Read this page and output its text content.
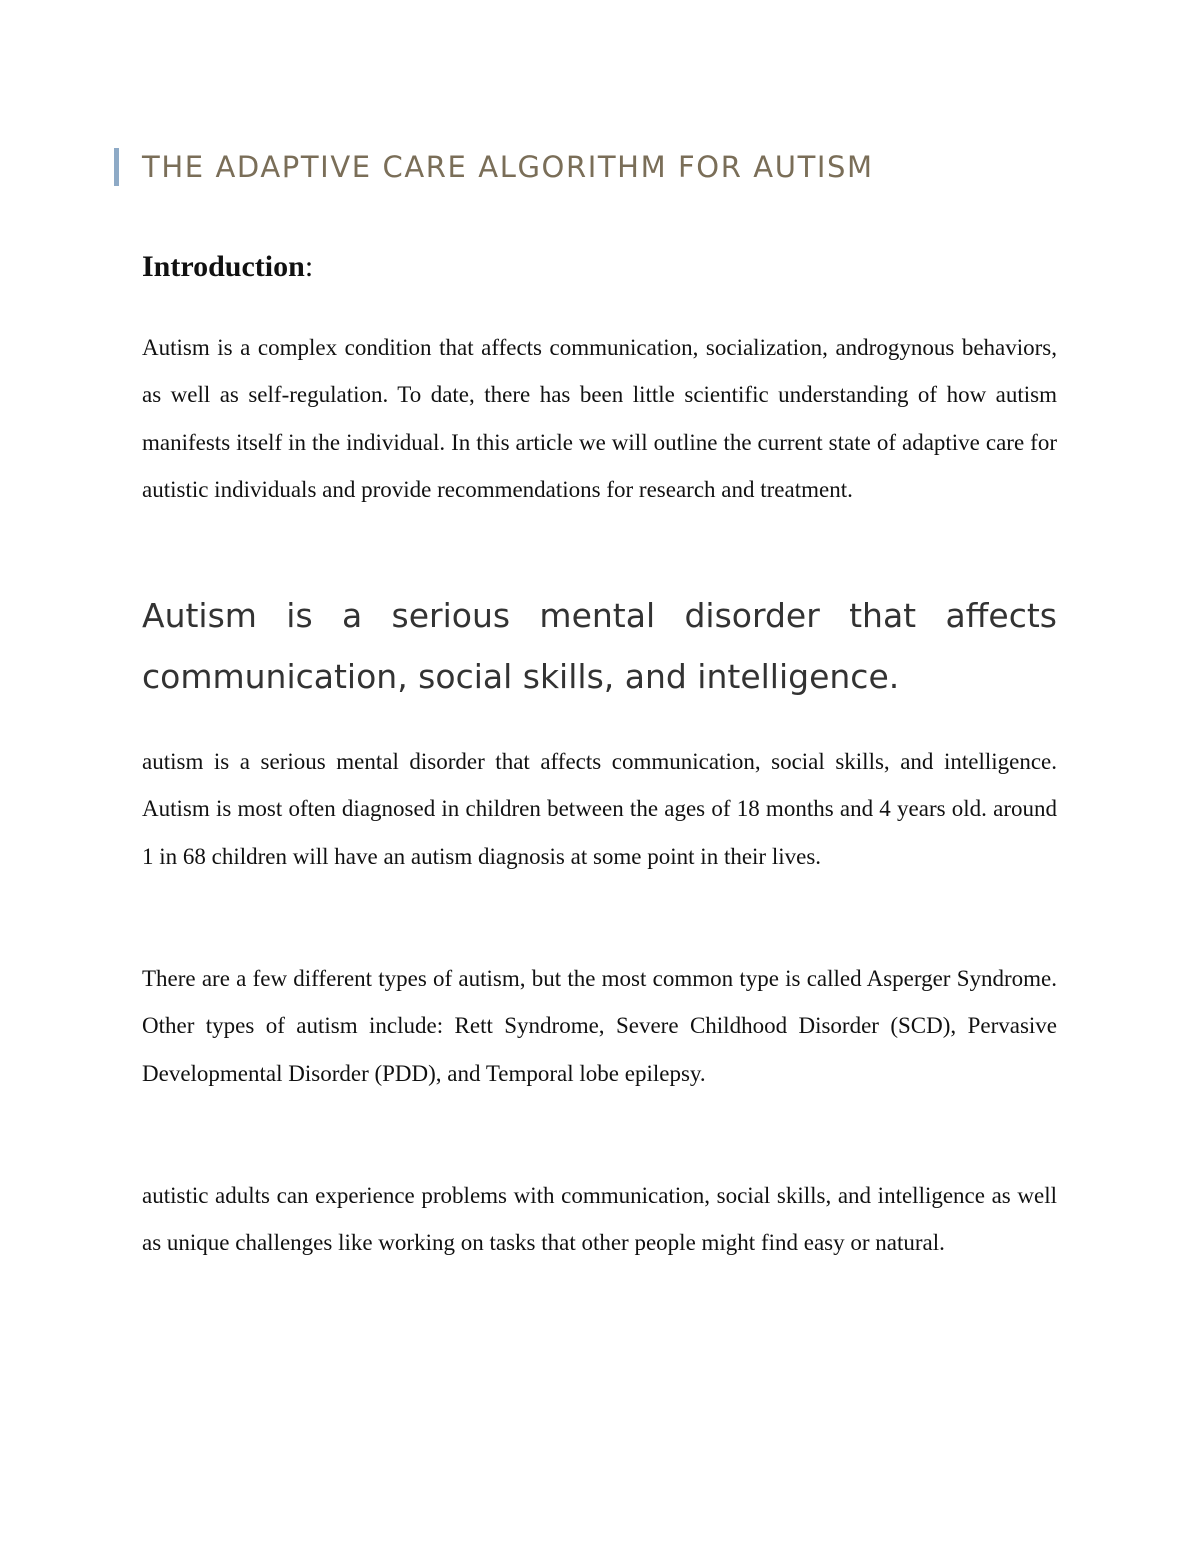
THE ADAPTIVE CARE ALGORITHM FOR AUTISM
Introduction:

Autism is a complex condition that affects communication, socialization, androgynous behaviors, as well as self-regulation. To date, there has been little scientific understanding of how autism manifests itself in the individual. In this article we will outline the current state of adaptive care for autistic individuals and provide recommendations for research and treatment.

Autism is a serious mental disorder that affects communication, social skills, and intelligence.

autism is a serious mental disorder that affects communication, social skills, and intelligence. Autism is most often diagnosed in children between the ages of 18 months and 4 years old. around 1 in 68 children will have an autism diagnosis at some point in their lives.

There are a few different types of autism, but the most common type is called Asperger Syndrome. Other types of autism include: Rett Syndrome, Severe Childhood Disorder (SCD), Pervasive Developmental Disorder (PDD), and Temporal lobe epilepsy.

autistic adults can experience problems with communication, social skills, and intelligence as well as unique challenges like working on tasks that other people might find easy or natural.
